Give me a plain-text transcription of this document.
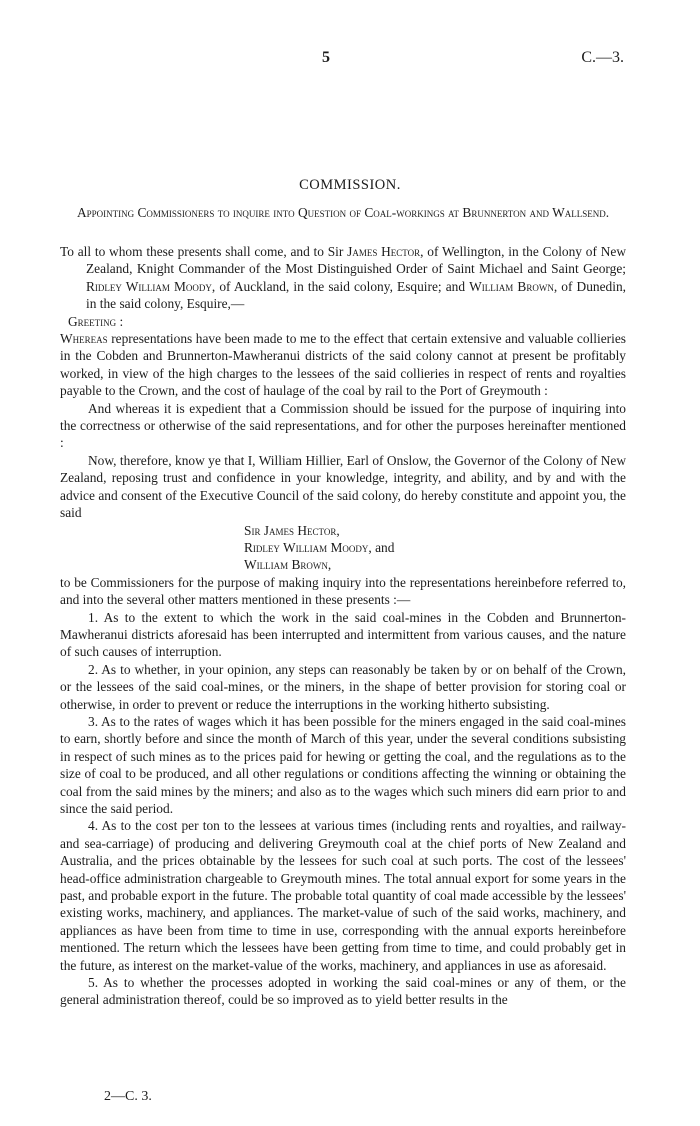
5	C.—3.
COMMISSION.
Appointing Commissioners to inquire into Question of Coal-workings at Brunnerton and Wallsend.

To all to whom these presents shall come, and to Sir James Hector, of Wellington, in the Colony of New Zealand, Knight Commander of the Most Distinguished Order of Saint Michael and Saint George; Ridley William Moody, of Auckland, in the said colony, Esquire; and William Brown, of Dunedin, in the said colony, Esquire,—

Greeting :

Whereas representations have been made to me to the effect that certain extensive and valuable collieries in the Cobden and Brunnerton-Mawheranui districts of the said colony cannot at present be profitably worked, in view of the high charges to the lessees of the said collieries in respect of rents and royalties payable to the Crown, and the cost of haulage of the coal by rail to the Port of Greymouth :

And whereas it is expedient that a Commission should be issued for the purpose of inquiring into the correctness or otherwise of the said representations, and for other the purposes hereinafter mentioned :

Now, therefore, know ye that I, William Hillier, Earl of Onslow, the Governor of the Colony of New Zealand, reposing trust and confidence in your knowledge, integrity, and ability, and by and with the advice and consent of the Executive Council of the said colony, do hereby constitute and appoint you, the said

Sir James Hector,

Ridley William Moody, and

William Brown,

to be Commissioners for the purpose of making inquiry into the representations hereinbefore referred to, and into the several other matters mentioned in these presents :—

1. As to the extent to which the work in the said coal-mines in the Cobden and Brunnerton-Mawheranui districts aforesaid has been interrupted and intermittent from various causes, and the nature of such causes of interruption.

2. As to whether, in your opinion, any steps can reasonably be taken by or on behalf of the Crown, or the lessees of the said coal-mines, or the miners, in the shape of better provision for storing coal or otherwise, in order to prevent or reduce the interruptions in the working hitherto subsisting.

3. As to the rates of wages which it has been possible for the miners engaged in the said coal-mines to earn, shortly before and since the month of March of this year, under the several conditions subsisting in respect of such mines as to the prices paid for hewing or getting the coal, and the regulations as to the size of coal to be produced, and all other regulations or conditions affecting the winning or obtaining the coal from the said mines by the miners; and also as to the wages which such miners did earn prior to and since the said period.

4. As to the cost per ton to the lessees at various times (including rents and royalties, and railway- and sea-carriage) of producing and delivering Greymouth coal at the chief ports of New Zealand and Australia, and the prices obtainable by the lessees for such coal at such ports. The cost of the lessees' head-office administration chargeable to Greymouth mines. The total annual export for some years in the past, and probable export in the future. The probable total quantity of coal made accessible by the lessees' existing works, machinery, and appliances. The market-value of such of the said works, machinery, and appliances as have been from time to time in use, corresponding with the annual exports hereinbefore mentioned. The return which the lessees have been getting from time to time, and could probably get in the future, as interest on the market-value of the works, machinery, and appliances in use as aforesaid.

5. As to whether the processes adopted in working the said coal-mines or any of them, or the general administration thereof, could be so improved as to yield better results in the

2—C. 3.
